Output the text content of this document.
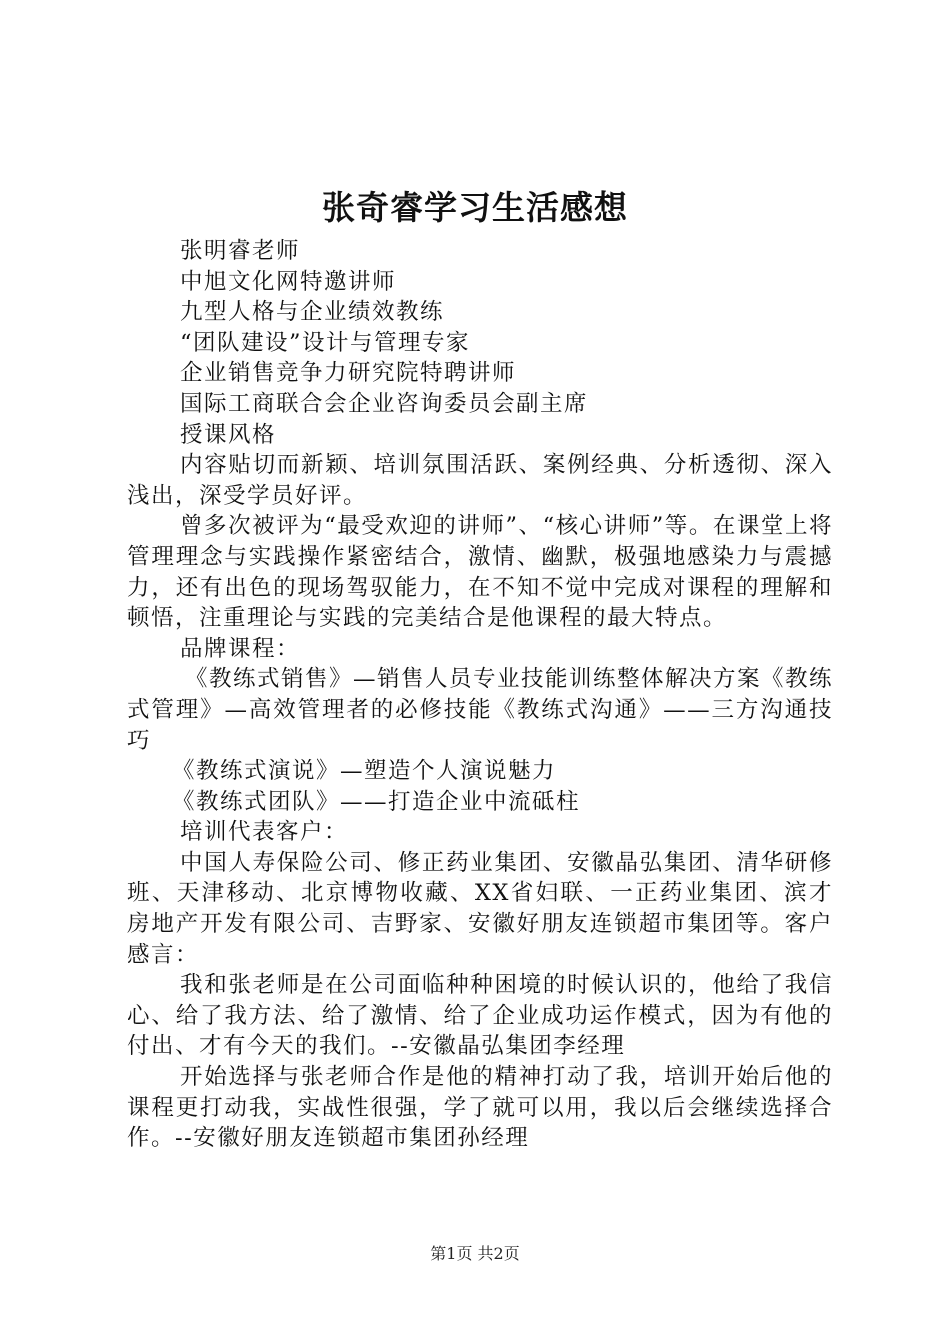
张奇睿学习生活感想
张明睿老师
中旭文化网特邀讲师
九型人格与企业绩效教练
“团队建设”设计与管理专家
企业销售竞争力研究院特聘讲师
国际工商联合会企业咨询委员会副主席
授课风格
内容贴切而新颖、培训氛围活跃、案例经典、分析透彻、深入浅出，深受学员好评。
曾多次被评为“最受欢迎的讲师”、“核心讲师”等。在课堂上将管理理念与实践操作紧密结合，激情、幽默，极强地感染力与震撼力，还有出色的现场驾驭能力，在不知不觉中完成对课程的理解和顿悟，注重理论与实践的完美结合是他课程的最大特点。
品牌课程：
《教练式销售》—销售人员专业技能训练整体解决方案《教练式管理》—高效管理者的必修技能《教练式沟通》——三方沟通技巧
《教练式演说》—塑造个人演说魅力
《教练式团队》——打造企业中流砥柱
培训代表客户：
中国人寿保险公司、修正药业集团、安徽晶弘集团、清华研修班、天津移动、北京博物收藏、XX省妇联、一正药业集团、滨才房地产开发有限公司、吉野家、安徽好朋友连锁超市集团等。客户感言：
我和张老师是在公司面临种种困境的时候认识的，他给了我信心、给了我方法、给了激情、给了企业成功运作模式，因为有他的付出、才有今天的我们。--安徽晶弘集团李经理
开始选择与张老师合作是他的精神打动了我，培训开始后他的课程更打动我，实战性很强，学了就可以用，我以后会继续选择合作。--安徽好朋友连锁超市集团孙经理
第1页 共2页
